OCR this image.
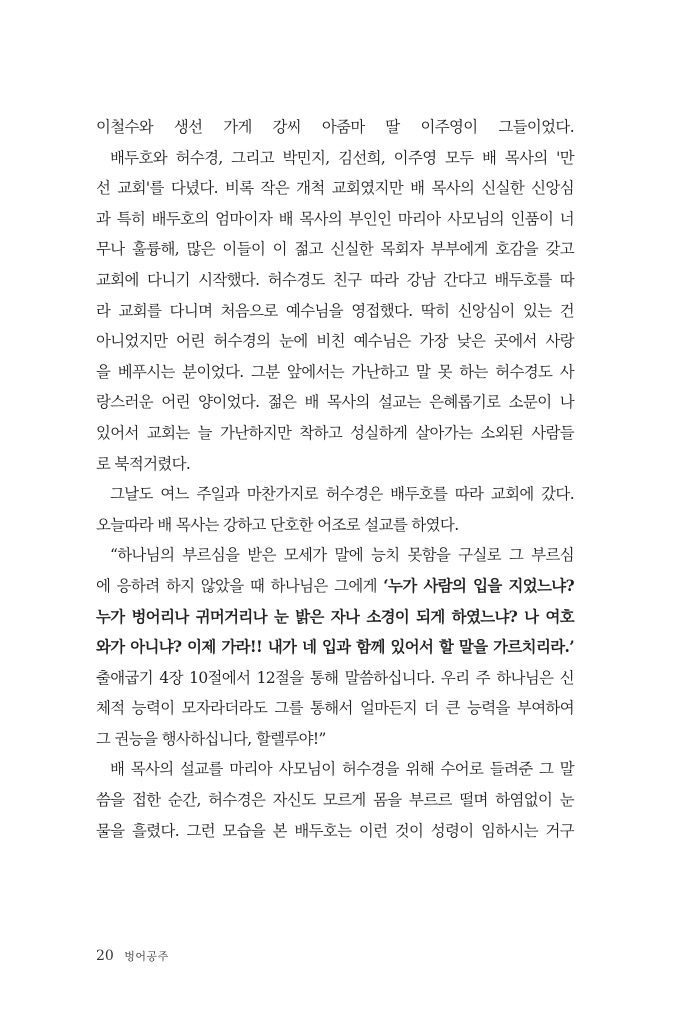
이철수와 생선 가게 강씨 아줌마 딸 이주영이 그들이었다.
배두호와 허수경, 그리고 박민지, 김선희, 이주영 모두 배 목사의 '만
선 교회'를 다녔다. 비록 작은 개척 교회였지만 배 목사의 신실한 신앙심
과 특히 배두호의 엄마이자 배 목사의 부인인 마리아 사모님의 인품이 너
무나 훌륭해, 많은 이들이 이 젊고 신실한 목회자 부부에게 호감을 갖고
교회에 다니기 시작했다. 허수경도 친구 따라 강남 간다고 배두호를 따
라 교회를 다니며 처음으로 예수님을 영접했다. 딱히 신앙심이 있는 건
아니었지만 어린 허수경의 눈에 비친 예수님은 가장 낮은 곳에서 사랑
을 베푸시는 분이었다. 그분 앞에서는 가난하고 말 못 하는 허수경도 사
랑스러운 어린 양이었다. 젊은 배 목사의 설교는 은혜롭기로 소문이 나
있어서 교회는 늘 가난하지만 착하고 성실하게 살아가는 소외된 사람들
로 북적거렸다.
그날도 여느 주일과 마찬가지로 허수경은 배두호를 따라 교회에 갔다.
오늘따라 배 목사는 강하고 단호한 어조로 설교를 하였다.
“하나님의 부르심을 받은 모세가 말에 능치 못함을 구실로 그 부르심
에 응하려 하지 않았을 때 하나님은 그에게 ‘누가 사람의 입을 지었느냐?
누가 벙어리나 귀머거리나 눈 밝은 자나 소경이 되게 하였느냐? 나 여호
와가 아니냐? 이제 가라!! 내가 네 입과 함께 있어서 할 말을 가르치리라.’
출애굽기 4장 10절에서 12절을 통해 말씀하십니다. 우리 주 하나님은 신
체적 능력이 모자라더라도 그를 통해서 얼마든지 더 큰 능력을 부여하여
그 권능을 행사하십니다, 할렐루야!”
배 목사의 설교를 마리아 사모님이 허수경을 위해 수어로 들려준 그 말
씀을 접한 순간, 허수경은 자신도 모르게 몸을 부르르 떨며 하염없이 눈
물을 흘렸다. 그런 모습을 본 배두호는 이런 것이 성령이 임하시는 거구
20 벙어공주
